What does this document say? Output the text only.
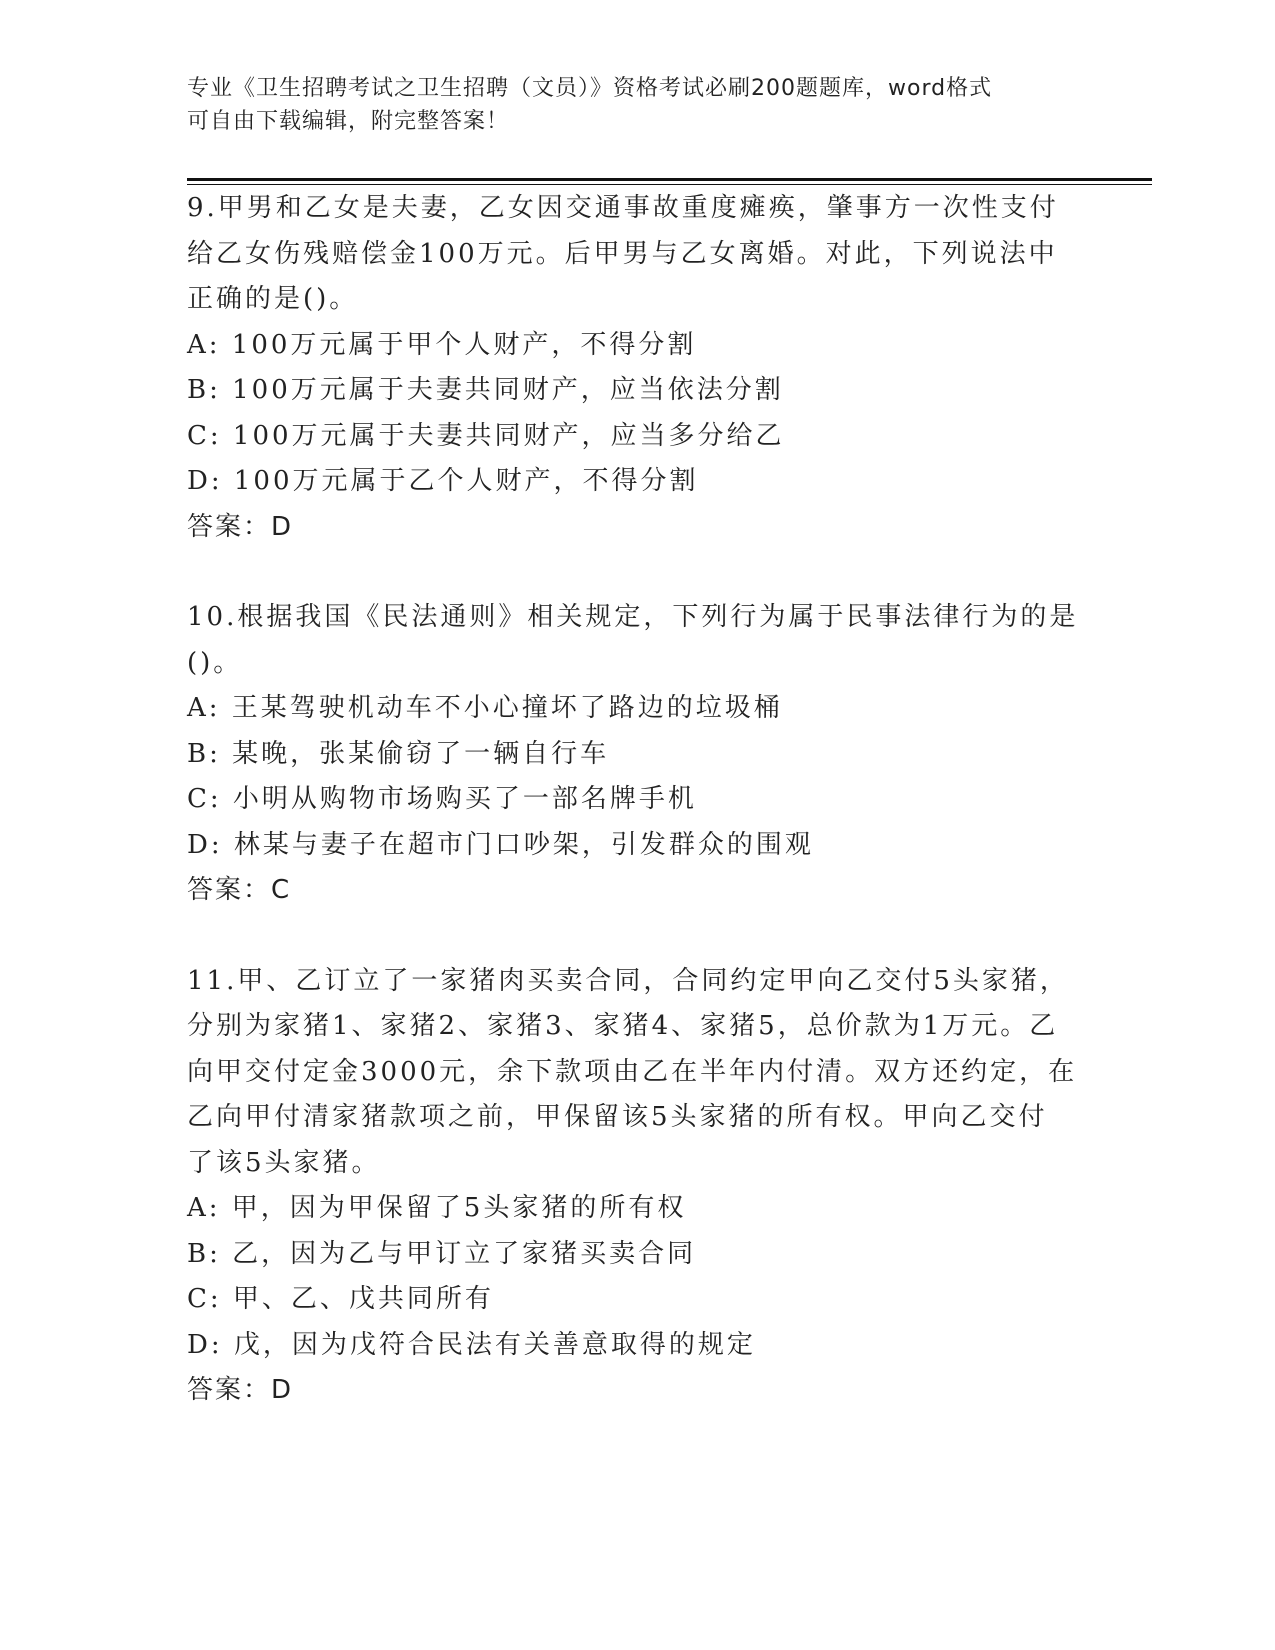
专业《卫生招聘考试之卫生招聘（文员）》资格考试必刷200题题库，word格式
可自由下载编辑，附完整答案！
9.甲男和乙女是夫妻，乙女因交通事故重度瘫痪，肇事方一次性支付
给乙女伤残赔偿金100万元。后甲男与乙女离婚。对此，下列说法中
正确的是()。
A: 100万元属于甲个人财产，不得分割
B: 100万元属于夫妻共同财产，应当依法分割
C: 100万元属于夫妻共同财产，应当多分给乙
D: 100万元属于乙个人财产，不得分割
答案：D
10.根据我国《民法通则》相关规定，下列行为属于民事法律行为的是
()。
A: 王某驾驶机动车不小心撞坏了路边的垃圾桶
B: 某晚，张某偷窃了一辆自行车
C: 小明从购物市场购买了一部名牌手机
D: 林某与妻子在超市门口吵架，引发群众的围观
答案：C
11.甲、乙订立了一家猪肉买卖合同，合同约定甲向乙交付5头家猪，
分别为家猪1、家猪2、家猪3、家猪4、家猪5，总价款为1万元。乙
向甲交付定金3000元，余下款项由乙在半年内付清。双方还约定，在
乙向甲付清家猪款项之前，甲保留该5头家猪的所有权。甲向乙交付
了该5头家猪。
A: 甲，因为甲保留了5头家猪的所有权
B: 乙，因为乙与甲订立了家猪买卖合同
C: 甲、乙、戊共同所有
D: 戊，因为戊符合民法有关善意取得的规定
答案：D
